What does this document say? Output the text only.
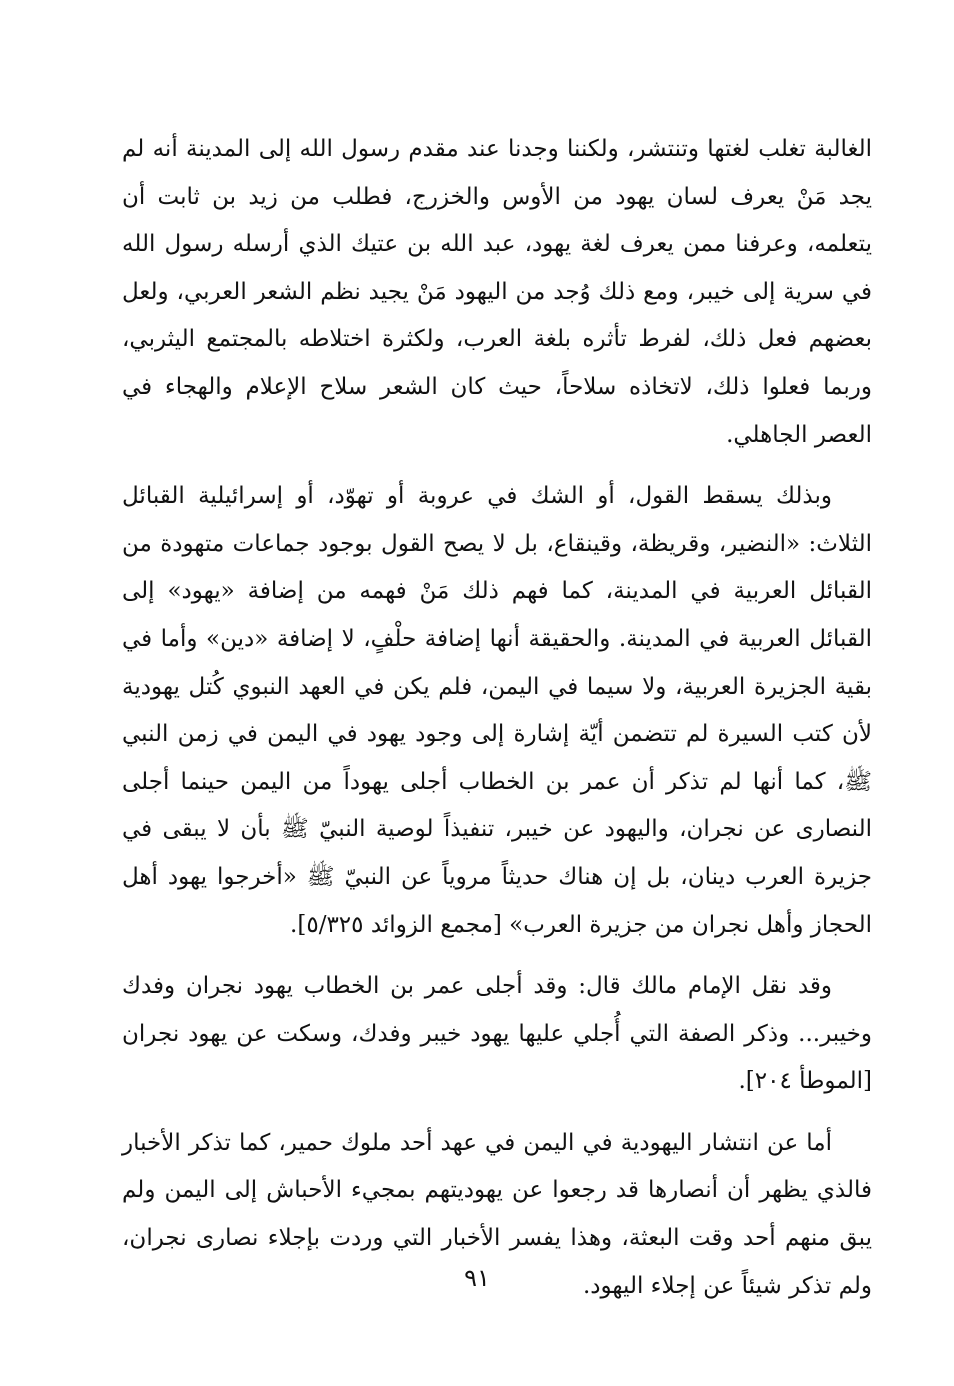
الغالبة تغلب لغتها وتنتشر، ولكننا وجدنا عند مقدم رسول الله إلى المدينة أنه لم يجد مَنْ يعرف لسان يهود من الأوس والخزرج، فطلب من زيد بن ثابت أن يتعلمه، وعرفنا ممن يعرف لغة يهود، عبد الله بن عتيك الذي أرسله رسول الله في سرية إلى خيبر، ومع ذلك وُجد من اليهود مَنْ يجيد نظم الشعر العربي، ولعل بعضهم فعل ذلك، لفرط تأثره بلغة العرب، ولكثرة اختلاطه بالمجتمع اليثربي، وربما فعلوا ذلك، لاتخاذه سلاحاً، حيث كان الشعر سلاح الإعلام والهجاء في العصر الجاهلي.

وبذلك يسقط القول، أو الشك في عروبة أو تهوّد، أو إسرائيلية القبائل الثلاث: «النضير، وقريظة، وقينقاع، بل لا يصح القول بوجود جماعات متهودة من القبائل العربية في المدينة، كما فهم ذلك مَنْ فهمه من إضافة «يهود» إلى القبائل العربية في المدينة. والحقيقة أنها إضافة حلْفٍ، لا إضافة «دين» وأما في بقية الجزيرة العربية، ولا سيما في اليمن، فلم يكن في العهد النبوي كُتل يهودية لأن كتب السيرة لم تتضمن أيّة إشارة إلى وجود يهود في اليمن في زمن النبي ﷺ، كما أنها لم تذكر أن عمر بن الخطاب أجلى يهوداً من اليمن حينما أجلى النصارى عن نجران، واليهود عن خيبر، تنفيذاً لوصية النبيّ ﷺ بأن لا يبقى في جزيرة العرب دينان، بل إن هناك حديثاً مروياً عن النبيّ ﷺ «أخرجوا يهود أهل الحجاز وأهل نجران من جزيرة العرب» [مجمع الزوائد ٥/٣٢٥].

وقد نقل الإمام مالك قال: وقد أجلى عمر بن الخطاب يهود نجران وفدك وخيبر... وذكر الصفة التي أُجلي عليها يهود خيبر وفدك، وسكت عن يهود نجران [الموطأ ٢٠٤].

أما عن انتشار اليهودية في اليمن في عهد أحد ملوك حمير، كما تذكر الأخبار فالذي يظهر أن أنصارها قد رجعوا عن يهوديتهم بمجيء الأحباش إلى اليمن ولم يبق منهم أحد وقت البعثة، وهذا يفسر الأخبار التي وردت بإجلاء نصارى نجران، ولم تذكر شيئاً عن إجلاء اليهود.

٩١
